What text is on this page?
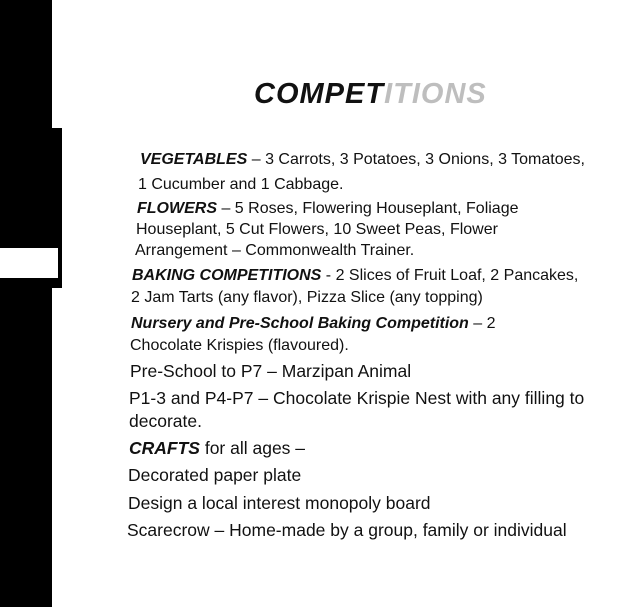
COMPETITIONS
VEGETABLES – 3 Carrots, 3 Potatoes, 3 Onions, 3 Tomatoes,
1 Cucumber and 1 Cabbage.
FLOWERS – 5 Roses, Flowering Houseplant, Foliage
Houseplant, 5 Cut Flowers, 10 Sweet Peas, Flower
Arrangement – Commonwealth Trainer.
BAKING COMPETITIONS - 2 Slices of Fruit Loaf, 2 Pancakes,
2 Jam Tarts (any flavor), Pizza Slice (any topping)
Nursery and Pre-School Baking Competition – 2
Chocolate Krispies (flavoured).
Pre-School to P7 – Marzipan Animal
P1-3 and P4-P7 – Chocolate Krispie Nest with any filling to
decorate.
CRAFTS for all ages –
Decorated paper plate
Design a local interest monopoly board
Scarecrow – Home-made by a group, family or individual
